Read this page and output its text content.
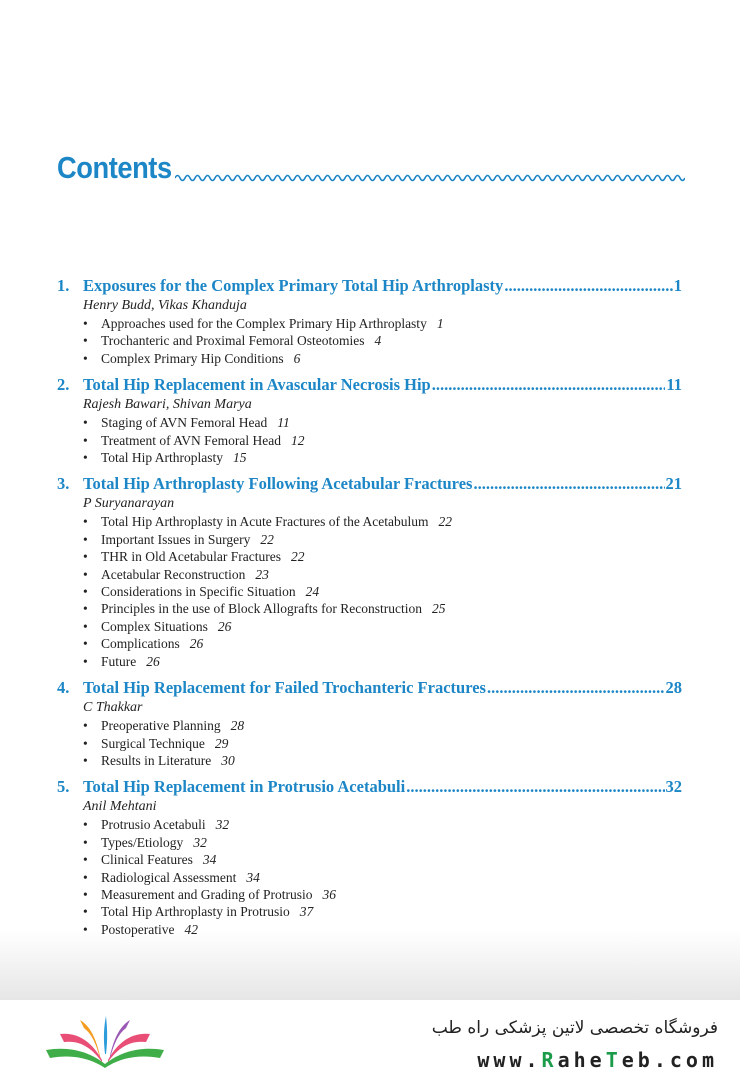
Contents
1. Exposures for the Complex Primary Total Hip Arthroplasty .....	1
Henry Budd, Vikas Khanduja
• Approaches used for the Complex Primary Hip Arthroplasty 1
• Trochanteric and Proximal Femoral Osteotomies 4
• Complex Primary Hip Conditions 6
2. Total Hip Replacement in Avascular Necrosis Hip .....	11
Rajesh Bawari, Shivan Marya
• Staging of AVN Femoral Head 11
• Treatment of AVN Femoral Head 12
• Total Hip Arthroplasty 15
3. Total Hip Arthroplasty Following Acetabular Fractures .....	21
P Suryanarayan
• Total Hip Arthroplasty in Acute Fractures of the Acetabulum 22
• Important Issues in Surgery 22
• THR in Old Acetabular Fractures 22
• Acetabular Reconstruction 23
• Considerations in Specific Situation 24
• Principles in the use of Block Allografts for Reconstruction 25
• Complex Situations 26
• Complications 26
• Future 26
4. Total Hip Replacement for Failed Trochanteric Fractures .....	28
C Thakkar
• Preoperative Planning 28
• Surgical Technique 29
• Results in Literature 30
5. Total Hip Replacement in Protrusio Acetabuli .....	32
Anil Mehtani
• Protrusio Acetabuli 32
• Types/Etiology 32
• Clinical Features 34
• Radiological Assessment 34
• Measurement and Grading of Protrusio 36
• Total Hip Arthroplasty in Protrusio 37
• Postoperative 42
فروشگاه تخصصی لاتین پزشکی راه طب
www.RaheTeb.com
